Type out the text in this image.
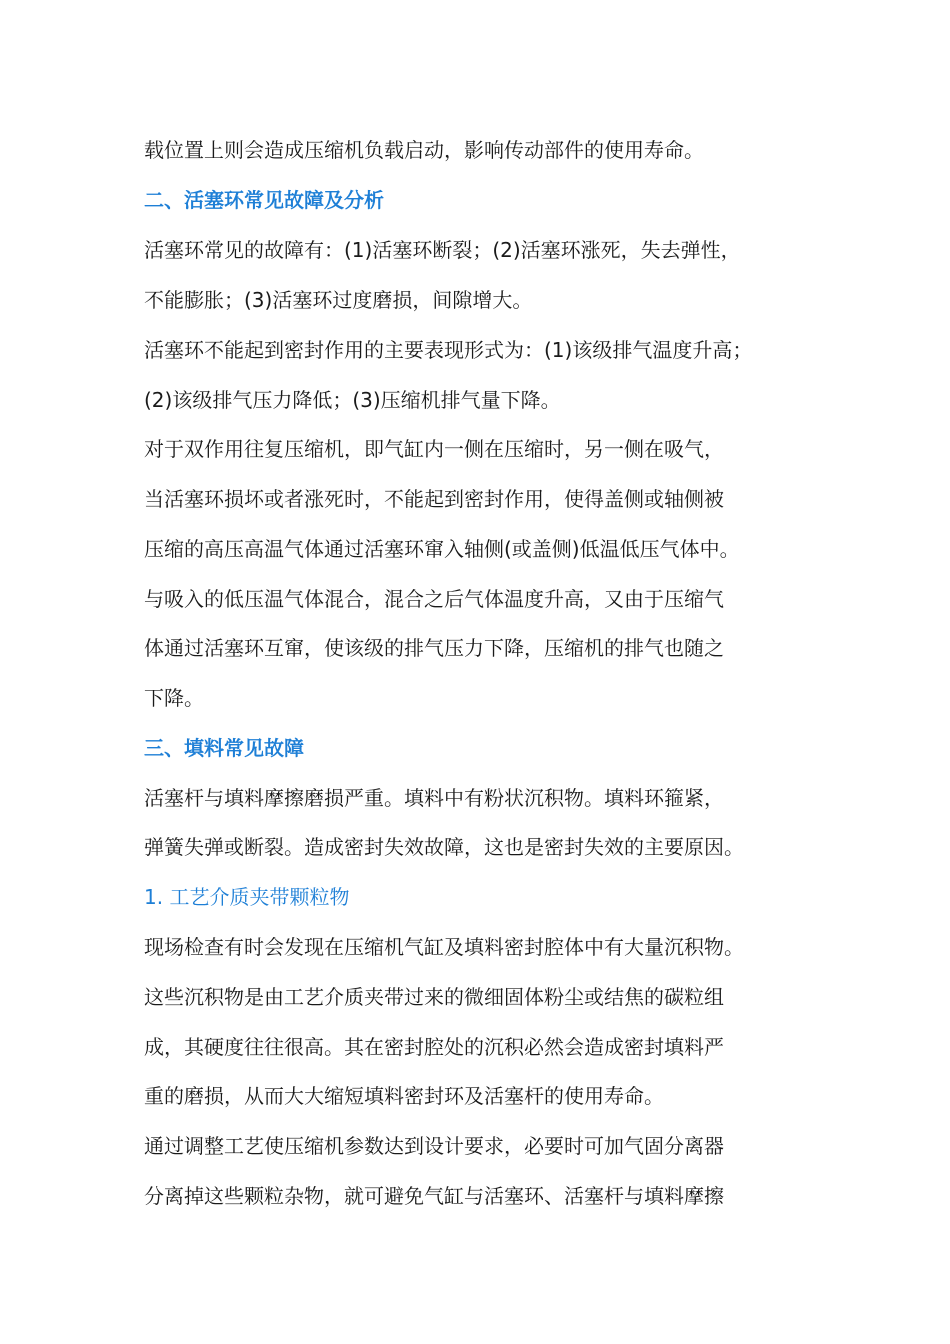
载位置上则会造成压缩机负载启动，影响传动部件的使用寿命。
二、活塞环常见故障及分析
活塞环常见的故障有：(1)活塞环断裂；(2)活塞环涨死，失去弹性，
不能膨胀；(3)活塞环过度磨损，间隙增大。
活塞环不能起到密封作用的主要表现形式为：(1)该级排气温度升高；
(2)该级排气压力降低；(3)压缩机排气量下降。
对于双作用往复压缩机，即气缸内一侧在压缩时，另一侧在吸气，
当活塞环损坏或者涨死时，不能起到密封作用，使得盖侧或轴侧被
压缩的高压高温气体通过活塞环窜入轴侧(或盖侧)低温低压气体中。
与吸入的低压温气体混合，混合之后气体温度升高，又由于压缩气
体通过活塞环互窜，使该级的排气压力下降，压缩机的排气也随之
下降。
三、填料常见故障
活塞杆与填料摩擦磨损严重。填料中有粉状沉积物。填料环箍紧，
弹簧失弹或断裂。造成密封失效故障，这也是密封失效的主要原因。
1. 工艺介质夹带颗粒物
现场检查有时会发现在压缩机气缸及填料密封腔体中有大量沉积物。
这些沉积物是由工艺介质夹带过来的微细固体粉尘或结焦的碳粒组
成，其硬度往往很高。其在密封腔处的沉积必然会造成密封填料严
重的磨损，从而大大缩短填料密封环及活塞杆的使用寿命。
通过调整工艺使压缩机参数达到设计要求，必要时可加气固分离器
分离掉这些颗粒杂物，就可避免气缸与活塞环、活塞杆与填料摩擦
